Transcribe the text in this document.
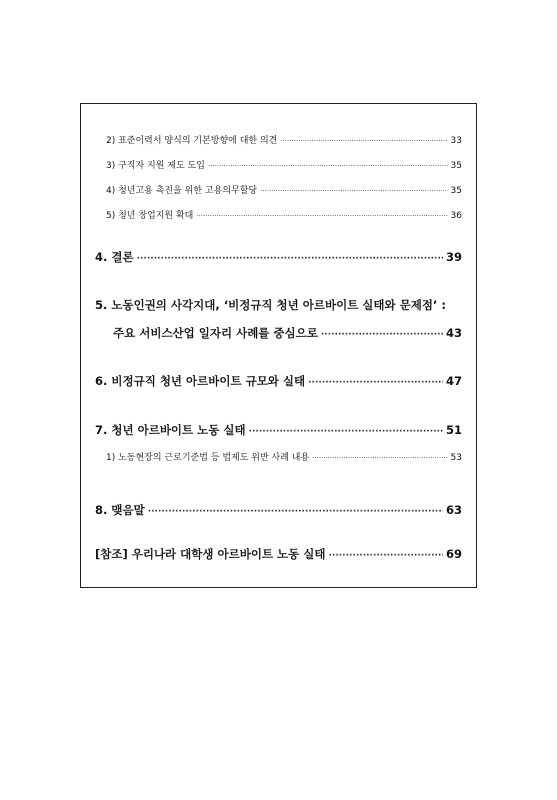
2) 표준이력서 양식의 기본방향에 대한 의견 ·····	33
3) 구직자 지원 제도 도입 ·····	35
4) 청년고용 촉진을 위한 고용의무할당 ·····	35
5) 청년 창업지원 확대 ·····	36
4. 결론 ·····	39
5. 노동인권의 사각지대, ‘비정규직 청년 아르바이트 실태와 문제점’ :
주요 서비스산업 일자리 사례를 중심으로 ·····	43
6. 비정규직 청년 아르바이트 규모와 실태 ·····	47
7. 청년 아르바이트 노동 실태 ·····	51
1) 노동현장의 근로기준법 등 법제도 위반 사례 내용 ·····	53
8. 맺음말 ·····	63
[참조] 우리나라 대학생 아르바이트 노동 실태 ·····	69
